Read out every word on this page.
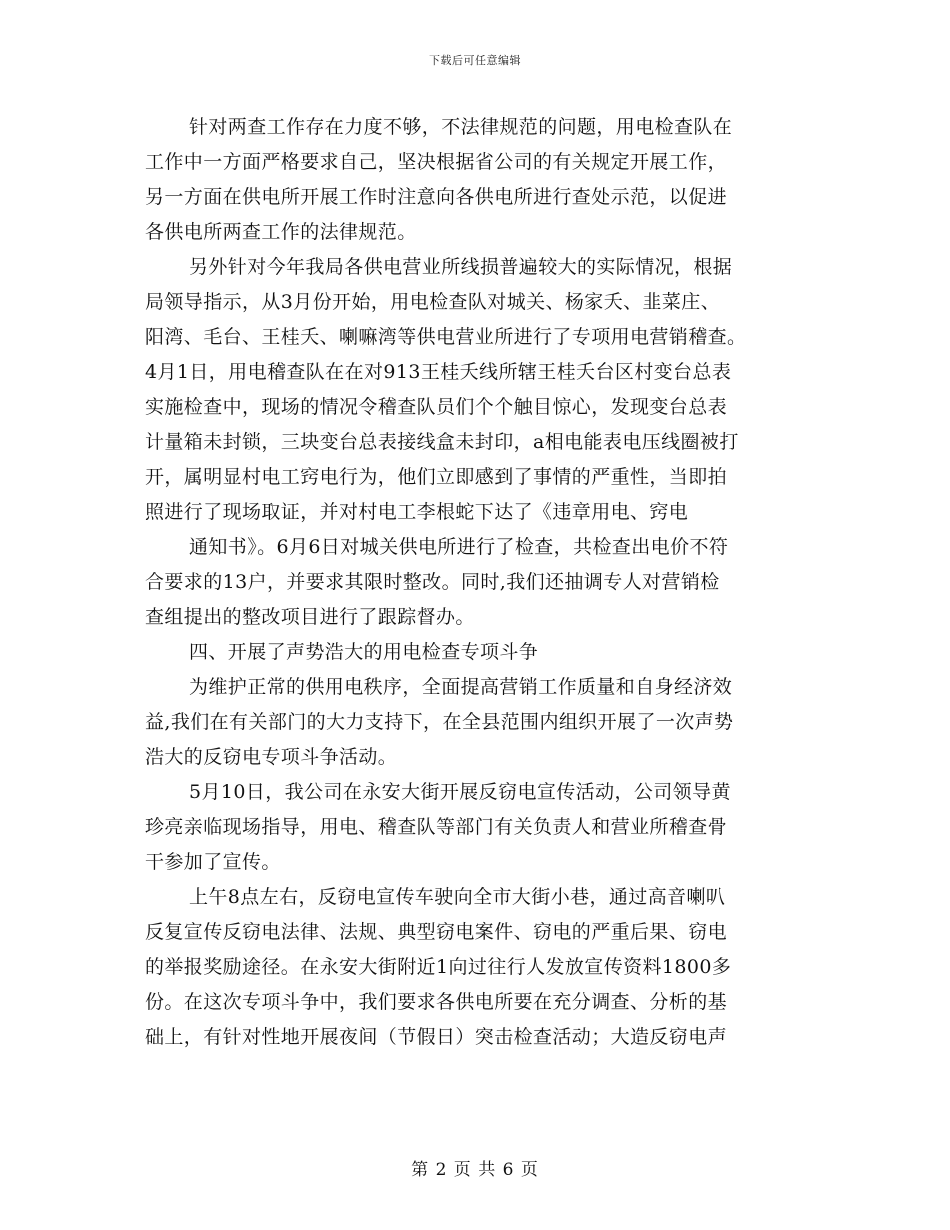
下载后可任意编辑
针对两查工作存在力度不够，不法律规范的问题，用电检查队在
工作中一方面严格要求自己，坚决根据省公司的有关规定开展工作，
另一方面在供电所开展工作时注意向各供电所进行查处示范，以促进
各供电所两查工作的法律规范。
另外针对今年我局各供电营业所线损普遍较大的实际情况，根据
局领导指示，从3月份开始，用电检查队对城关、杨家夭、韭菜庄、
阳湾、毛台、王桂夭、喇嘛湾等供电营业所进行了专项用电营销稽查。
4月1日，用电稽查队在在对913王桂夭线所辖王桂夭台区村变台总表
实施检查中，现场的情况令稽查队员们个个触目惊心，发现变台总表
计量箱未封锁，三块变台总表接线盒未封印，a相电能表电压线圈被打
开，属明显村电工窍电行为，他们立即感到了事情的严重性，当即拍
照进行了现场取证，并对村电工李根蛇下达了《违章用电、窍电
通知书》。6月6日对城关供电所进行了检查，共检查出电价不符
合要求的13户，并要求其限时整改。同时,我们还抽调专人对营销检
查组提出的整改项目进行了跟踪督办。
四、开展了声势浩大的用电检查专项斗争
为维护正常的供用电秩序，全面提高营销工作质量和自身经济效
益,我们在有关部门的大力支持下，在全县范围内组织开展了一次声势
浩大的反窃电专项斗争活动。
5月10日，我公司在永安大街开展反窃电宣传活动，公司领导黄
珍亮亲临现场指导，用电、稽查队等部门有关负责人和营业所稽查骨
干参加了宣传。
上午8点左右，反窃电宣传车驶向全市大街小巷，通过高音喇叭
反复宣传反窃电法律、法规、典型窃电案件、窃电的严重后果、窃电
的举报奖励途径。在永安大街附近1向过往行人发放宣传资料1800多
份。在这次专项斗争中，我们要求各供电所要在充分调查、分析的基
础上，有针对性地开展夜间（节假日）突击检查活动；大造反窃电声
第 2 页 共 6 页
